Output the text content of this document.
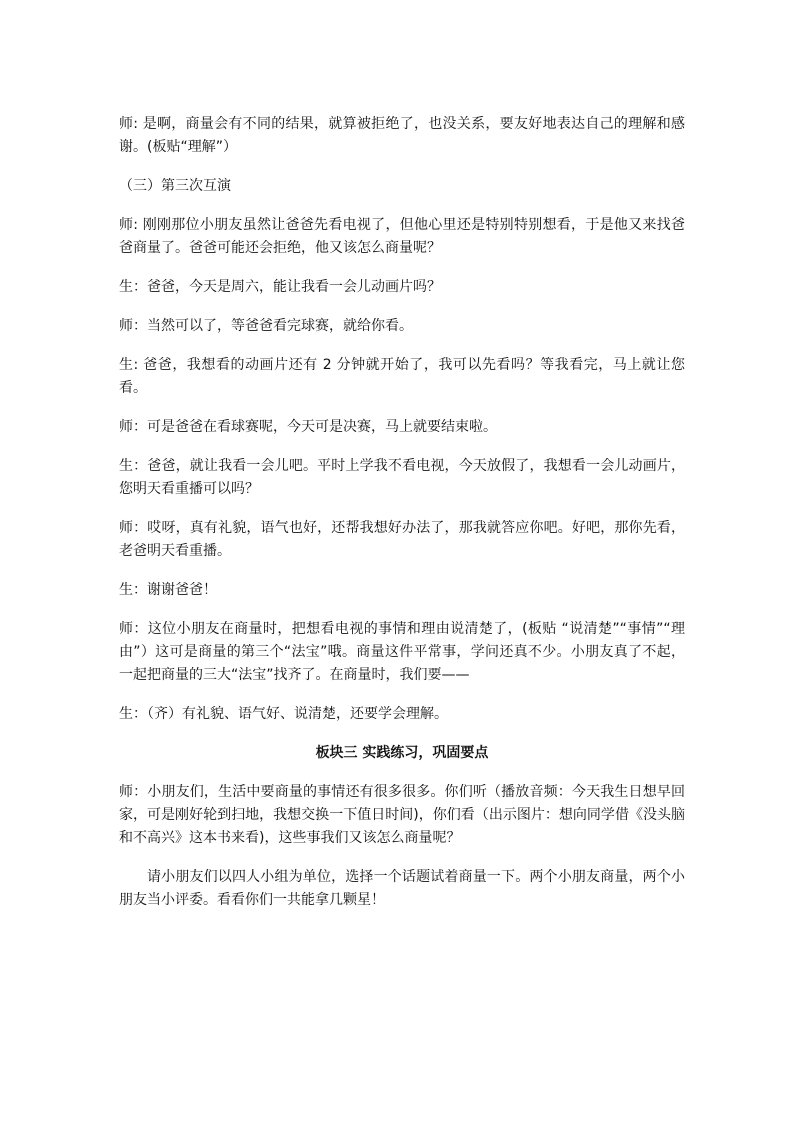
师: 是啊，商量会有不同的结果，就算被拒绝了，也没关系，要友好地表达自己的理解和感谢。(板贴“理解”）

（三）第三次互演

师: 刚刚那位小朋友虽然让爸爸先看电视了，但他心里还是特别特别想看，于是他又来找爸爸商量了。爸爸可能还会拒绝，他又该怎么商量呢？

生：爸爸，今天是周六，能让我看一会儿动画片吗？

师：当然可以了，等爸爸看完球赛，就给你看。

生: 爸爸，我想看的动画片还有 2 分钟就开始了，我可以先看吗？等我看完，马上就让您看。

师：可是爸爸在看球赛呢，今天可是决赛，马上就要结束啦。

生：爸爸，就让我看一会儿吧。平时上学我不看电视，今天放假了，我想看一会儿动画片，您明天看重播可以吗？

师：哎呀，真有礼貌，语气也好，还帮我想好办法了，那我就答应你吧。好吧，那你先看，老爸明天看重播。

生：谢谢爸爸！

师：这位小朋友在商量时，把想看电视的事情和理由说清楚了，(板贴 “说清楚”“事情”“理由”）这可是商量的第三个“法宝”哦。商量这件平常事，学问还真不少。小朋友真了不起，一起把商量的三大“法宝”找齐了。在商量时，我们要——

生：（齐）有礼貌、语气好、说清楚，还要学会理解。

板块三 实践练习，巩固要点

师：小朋友们，生活中要商量的事情还有很多很多。你们听（播放音频：今天我生日想早回家，可是刚好轮到扫地，我想交换一下值日时间)，你们看（出示图片：想向同学借《没头脑和不高兴》这本书来看)，这些事我们又该怎么商量呢？

请小朋友们以四人小组为单位，选择一个话题试着商量一下。两个小朋友商量，两个小朋友当小评委。看看你们一共能拿几颗星！
